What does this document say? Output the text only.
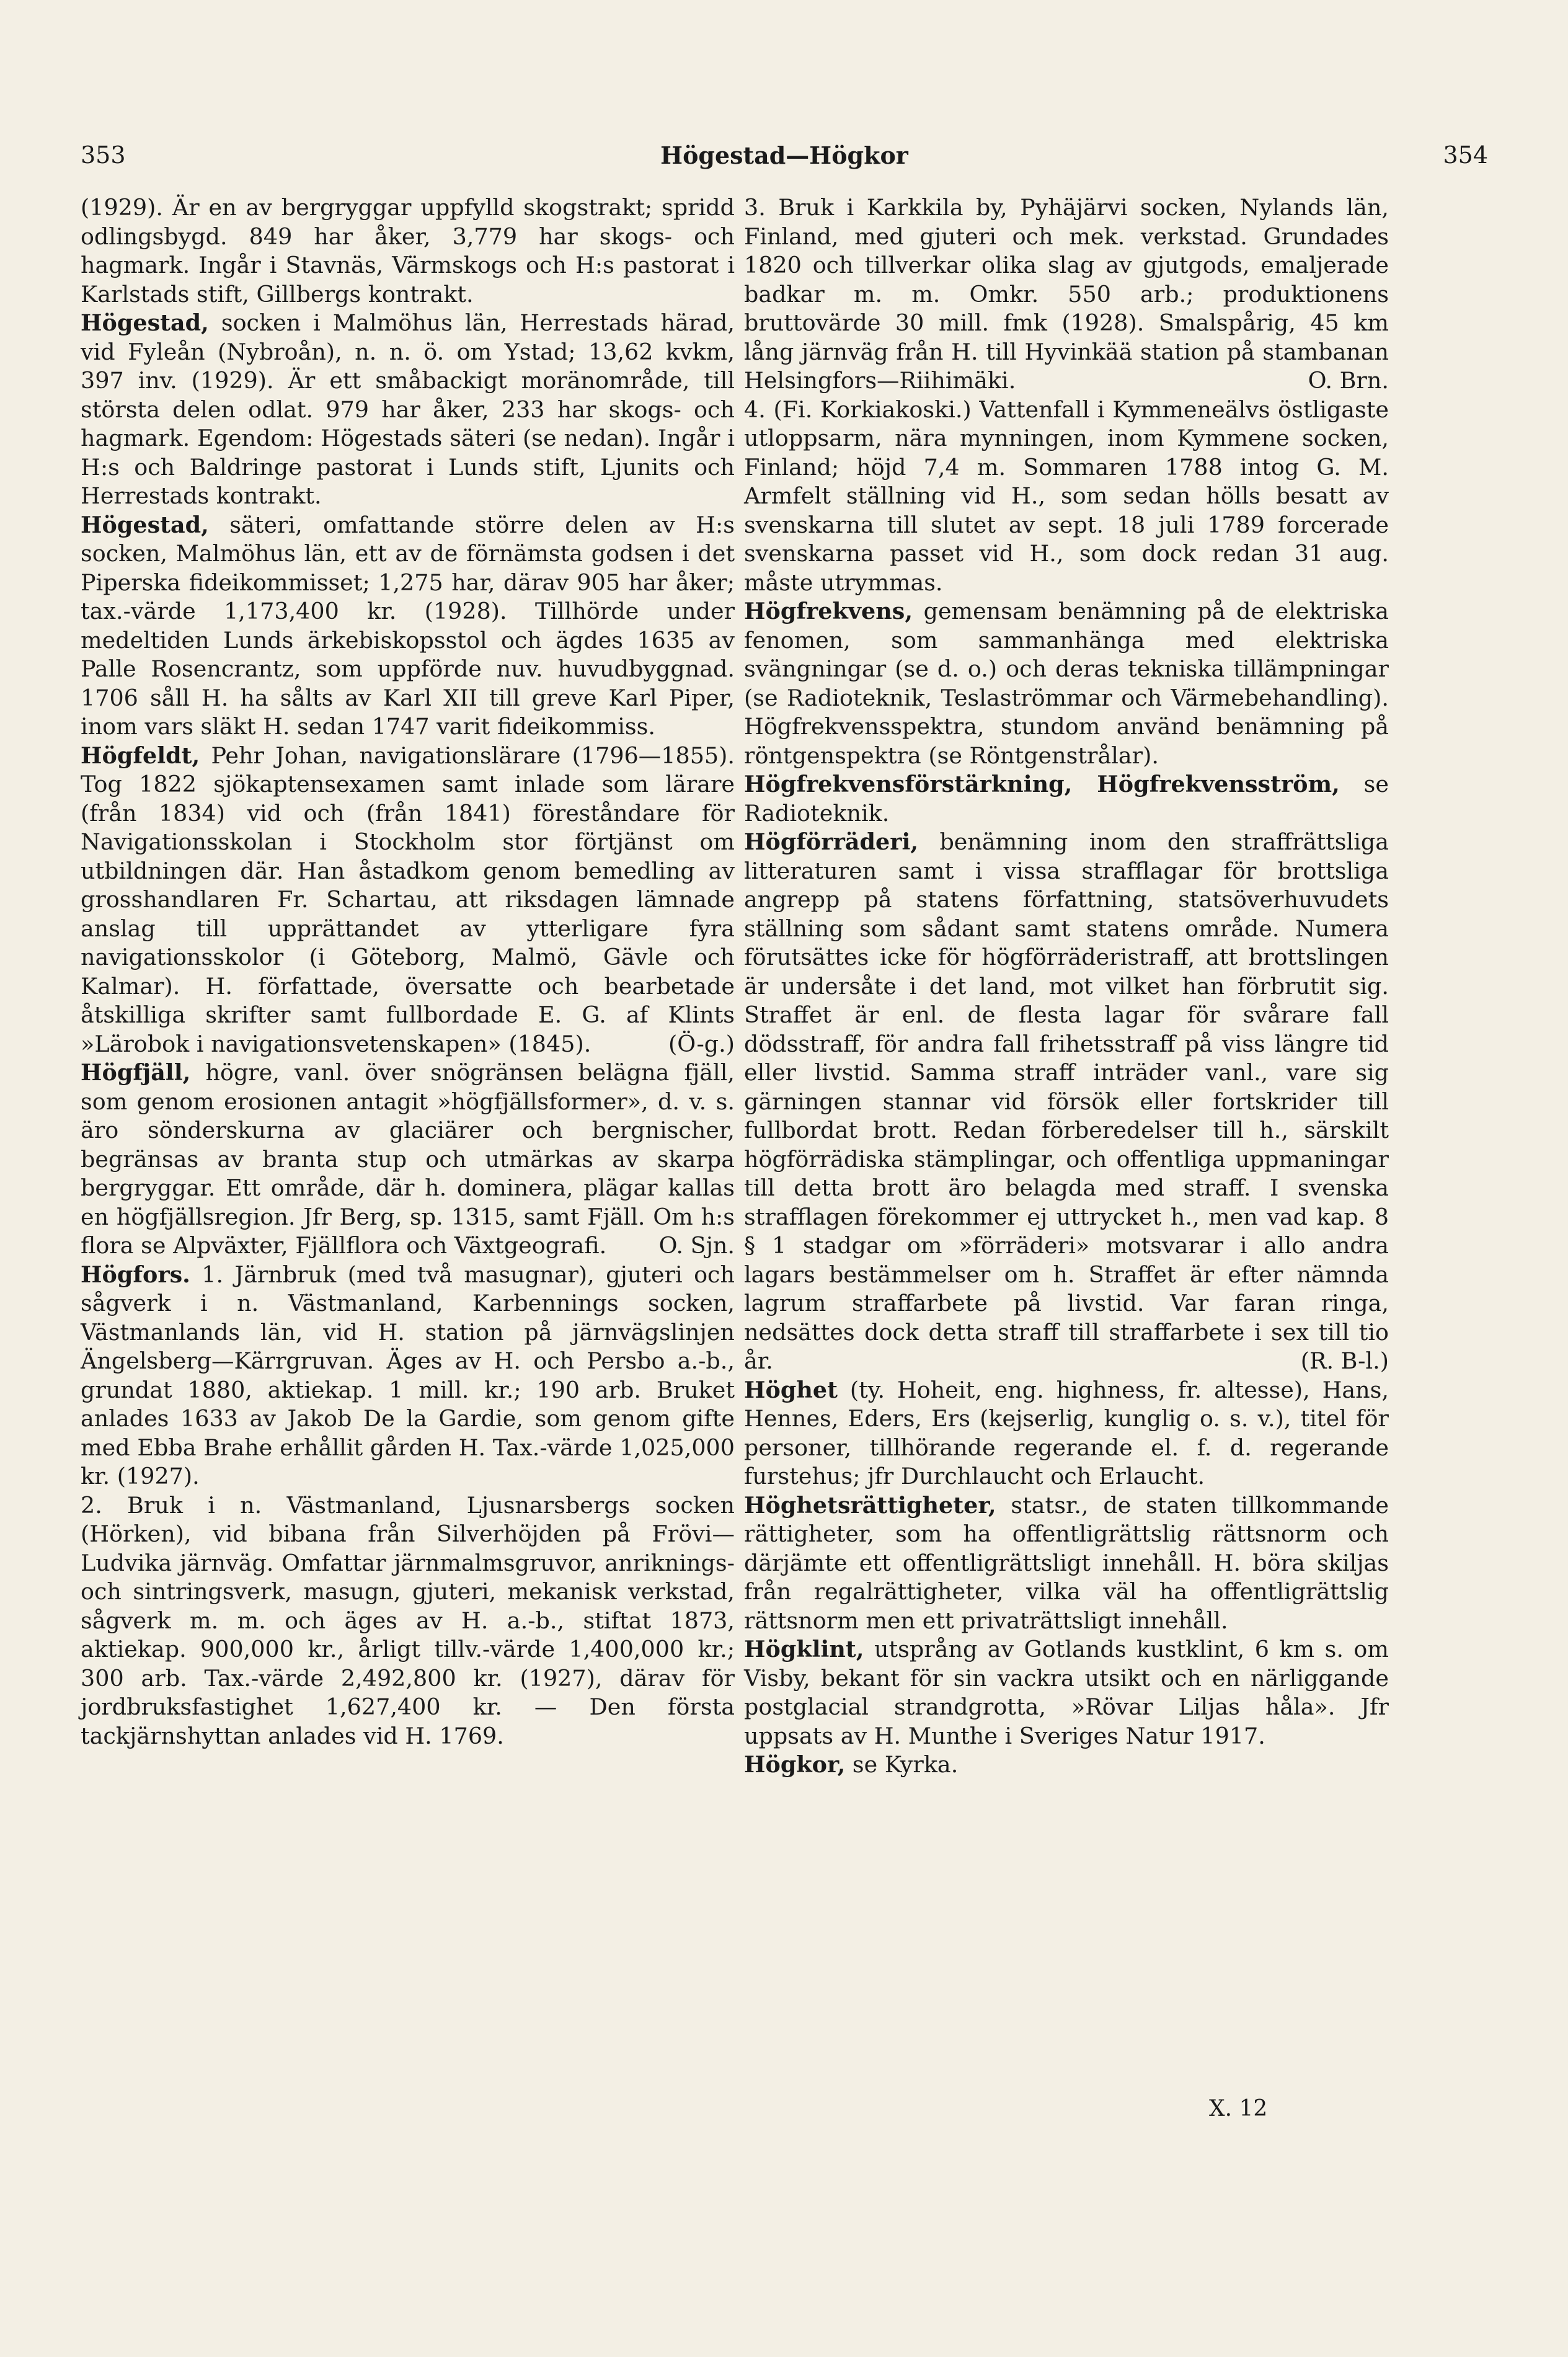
353	Högestad—Högkor	354

(1929). Är en av bergryggar uppfylld skogstrakt; spridd odlingsbygd. 849 har åker, 3,779 har skogs- och hagmark. Ingår i Stavnäs, Värmskogs och H:s pastorat i Karlstads stift, Gillbergs kontrakt.

Högestad, socken i Malmöhus län, Herrestads härad, vid Fyleån (Nybroån), n. n. ö. om Ystad; 13,62 kvkm, 397 inv. (1929). Är ett småbackigt moränområde, till största delen odlat. 979 har åker, 233 har skogs- och hagmark. Egendom: Högestads säteri (se nedan). Ingår i H:s och Baldringe pastorat i Lunds stift, Ljunits och Herrestads kontrakt.

Högestad, säteri, omfattande större delen av H:s socken, Malmöhus län, ett av de förnämsta godsen i det Piperska fideikommisset; 1,275 har, därav 905 har åker; tax.-värde 1,173,400 kr. (1928). Tillhörde under medeltiden Lunds ärkebiskopsstol och ägdes 1635 av Palle Rosencrantz, som uppförde nuv. huvudbyggnad. 1706 såll H. ha sålts av Karl XII till greve Karl Piper, inom vars släkt H. sedan 1747 varit fideikommiss.

Högfeldt, Pehr Johan, navigationslärare (1796—1855). Tog 1822 sjökaptensexamen samt inlade som lärare (från 1834) vid och (från 1841) föreståndare för Navigationsskolan i Stockholm stor förtjänst om utbildningen där. Han åstadkom genom bemedling av grosshandlaren Fr. Schartau, att riksdagen lämnade anslag till upprättandet av ytterligare fyra navigationsskolor (i Göteborg, Malmö, Gävle och Kalmar). H. författade, översatte och bearbetade åtskilliga skrifter samt fullbordade E. G. af Klints »Lärobok i navigationsvetenskapen» (1845).	(Ö-g.)

Högfjäll, högre, vanl. över snögränsen belägna fjäll, som genom erosionen antagit »högfjällsformer», d. v. s. äro sönderskurna av glaciärer och bergnischer, begränsas av branta stup och utmärkas av skarpa bergryggar. Ett område, där h. dominera, plägar kallas en högfjällsregion. Jfr Berg, sp. 1315, samt Fjäll. Om h:s flora se Alpväxter, Fjällflora och Växtgeografi. O. Sjn.

Högfors. 1. Järnbruk (med två masugnar), gjuteri och sågverk i n. Västmanland, Karbennings socken, Västmanlands län, vid H. station på järnvägslinjen Ängelsberg—Kärrgruvan. Äges av H. och Persbo a.-b., grundat 1880, aktiekap. 1 mill. kr.; 190 arb. Bruket anlades 1633 av Jakob De la Gardie, som genom gifte med Ebba Brahe erhållit gården H. Tax.-värde 1,025,000 kr. (1927).

2. Bruk i n. Västmanland, Ljusnarsbergs socken (Hörken), vid bibana från Silverhöjden på Frövi—Ludvika järnväg. Omfattar järnmalmsgruvor, anriknings- och sintringsverk, masugn, gjuteri, mekanisk verkstad, sågverk m. m. och äges av H. a.-b., stiftat 1873, aktiekap. 900,000 kr., årligt tillv.-värde 1,400,000 kr.; 300 arb. Tax.-värde 2,492,800 kr. (1927), därav för jordbruksfastighet 1,627,400 kr. — Den första tackjärnshyttan anlades vid H. 1769.

3. Bruk i Karkkila by, Pyhäjärvi socken, Nylands län, Finland, med gjuteri och mek. verkstad. Grundades 1820 och tillverkar olika slag av gjutgods, emaljerade badkar m. m. Omkr. 550 arb.; produktionens bruttovärde 30 mill. fmk (1928). Smalspårig, 45 km lång järnväg från H. till Hyvinkää station på stambanan Helsingfors—Riihimäki.	O. Brn.

4. (Fi. Korkiakoski.) Vattenfall i Kymmeneälvs östligaste utloppsarm, nära mynningen, inom Kymmene socken, Finland; höjd 7,4 m. Sommaren 1788 intog G. M. Armfelt ställning vid H., som sedan hölls besatt av svenskarna till slutet av sept. 18 juli 1789 forcerade svenskarna passet vid H., som dock redan 31 aug. måste utrymmas.

Högfrekvens, gemensam benämning på de elektriska fenomen, som sammanhänga med elektriska svängningar (se d. o.) och deras tekniska tillämpningar (se Radioteknik, Teslaströmmar och Värmebehandling). Högfrekvensspektra, stundom använd benämning på röntgenspektra (se Röntgenstrålar).

Högfrekvensförstärkning, Högfrekvensström, se Radioteknik.

Högförräderi, benämning inom den straffrättsliga litteraturen samt i vissa strafflagar för brottsliga angrepp på statens författning, statsöverhuvudets ställning som sådant samt statens område. Numera förutsättes icke för högförräderistraff, att brottslingen är undersåte i det land, mot vilket han förbrutit sig. Straffet är enl. de flesta lagar för svårare fall dödsstraff, för andra fall frihetsstraff på viss längre tid eller livstid. Samma straff inträder vanl., vare sig gärningen stannar vid försök eller fortskrider till fullbordat brott. Redan förberedelser till h., särskilt högförrädiska stämplingar, och offentliga uppmaningar till detta brott äro belagda med straff. I svenska strafflagen förekommer ej uttrycket h., men vad kap. 8 § 1 stadgar om »förräderi» motsvarar i allo andra lagars bestämmelser om h. Straffet är efter nämnda lagrum straffarbete på livstid. Var faran ringa, nedsättes dock detta straff till straffarbete i sex till tio år.	(R. B-l.)

Höghet (ty. Hoheit, eng. highness, fr. altesse), Hans, Hennes, Eders, Ers (kejserlig, kunglig o. s. v.), titel för personer, tillhörande regerande el. f. d. regerande furstehus; jfr Durchlaucht och Erlaucht.

Höghetsrättigheter, statsr., de staten tillkommande rättigheter, som ha offentligrättslig rättsnorm och därjämte ett offentligrättsligt innehåll. H. böra skiljas från regalrättigheter, vilka väl ha offentligrättslig rättsnorm men ett privaträttsligt innehåll.

Högklint, utsprång av Gotlands kustklint, 6 km s. om Visby, bekant för sin vackra utsikt och en närliggande postglacial strandgrotta, »Rövar Liljas håla». Jfr uppsats av H. Munthe i Sveriges Natur 1917.

Högkor, se Kyrka.

X. 12
